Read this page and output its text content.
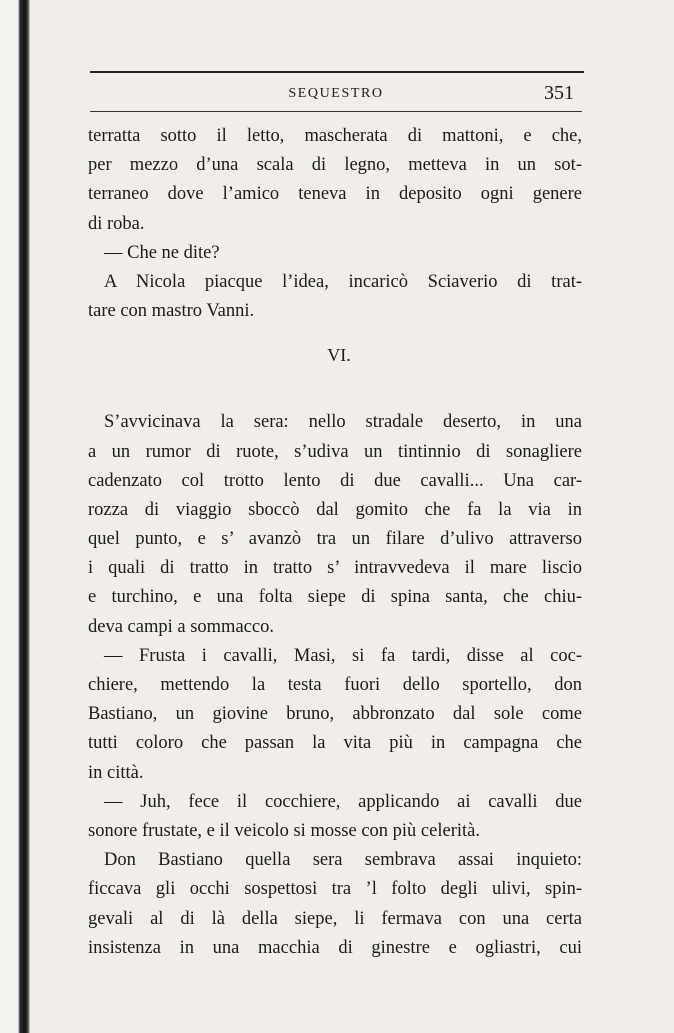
SEQUESTRO	351
terratta sotto il letto, mascherata di mattoni, e che,
per mezzo d’una scala di legno, metteva in un sot-
terraneo dove l’amico teneva in deposito ogni genere
di roba.
— Che ne dite?
A Nicola piacque l’idea, incaricò Sciaverio di trat-
tare con mastro Vanni.
VI.
S’avvicinava la sera: nello stradale deserto, in una
a un rumor di ruote, s’udiva un tintinnio di sonagliere
cadenzato col trotto lento di due cavalli... Una car-
rozza di viaggio sboccò dal gomito che fa la via in
quel punto, e s’ avanzò tra un filare d’ulivo attraverso
i quali di tratto in tratto s’ intravvedeva il mare liscio
e turchino, e una folta siepe di spina santa, che chiu-
deva campi a sommacco.
— Frusta i cavalli, Masi, si fa tardi, disse al coc-
chiere, mettendo la testa fuori dello sportello, don
Bastiano, un giovine bruno, abbronzato dal sole come
tutti coloro che passan la vita più in campagna che
in città.
— Juh, fece il cocchiere, applicando ai cavalli due
sonore frustate, e il veicolo si mosse con più celerità.
Don Bastiano quella sera sembrava assai inquieto:
ficcava gli occhi sospettosi tra ’l folto degli ulivi, spin-
gevali al di là della siepe, li fermava con una certa
insistenza in una macchia di ginestre e ogliastri, cui
